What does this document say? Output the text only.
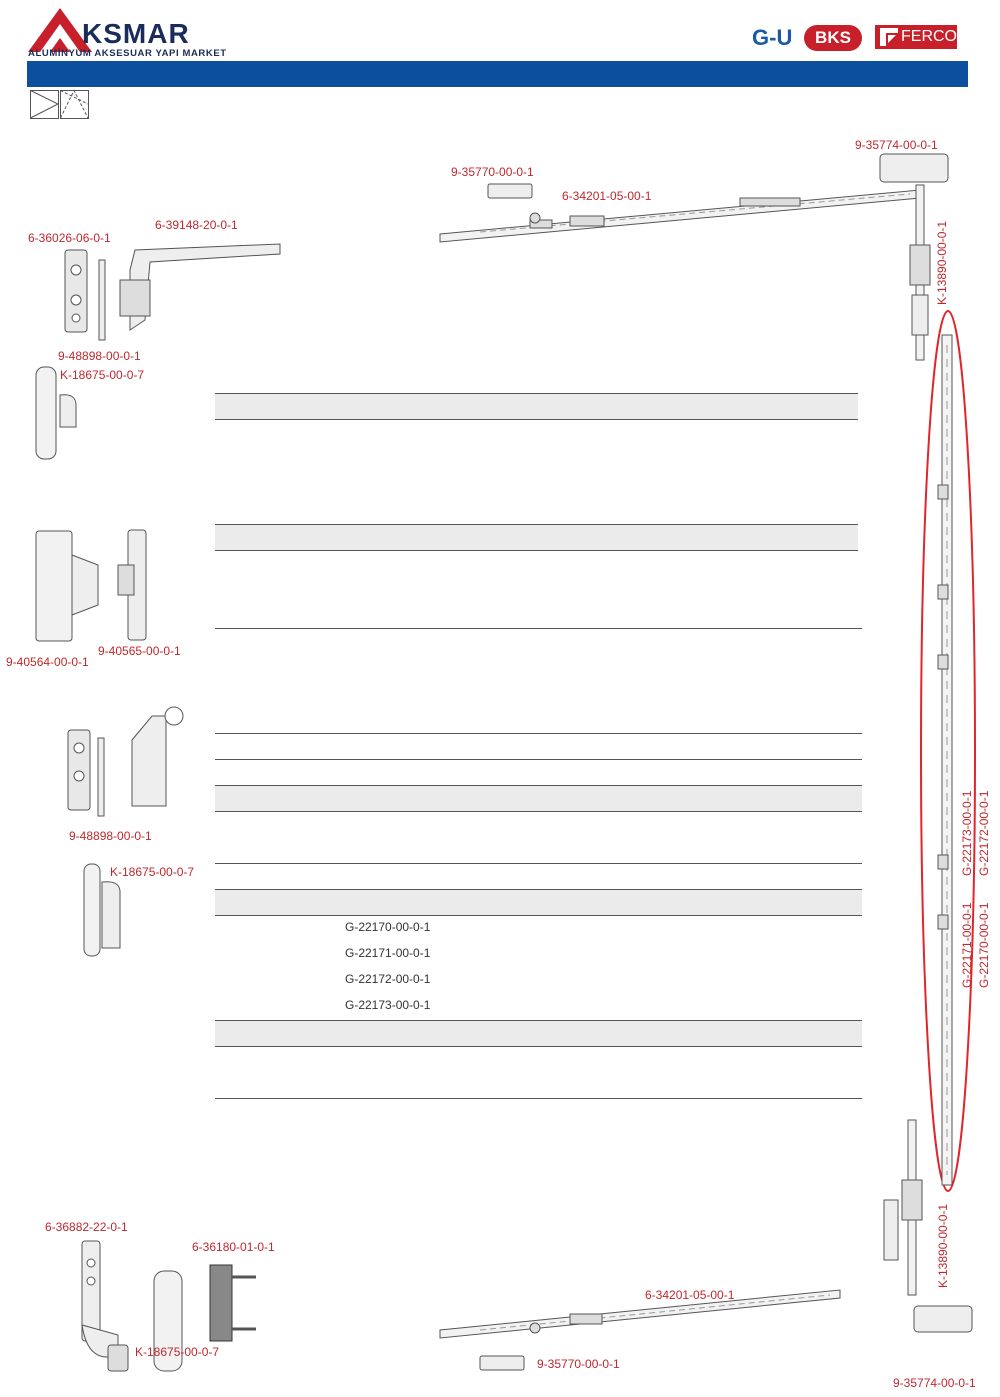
KSMAR
ALUMİNYUM AKSESUAR YAPI MARKET
G-U	BKS	FERCO
G-22170-00-0-1
G-22171-00-0-1
G-22172-00-0-1
G-22173-00-0-1
9-35774-00-0-1
9-35770-00-0-1
6-34201-05-00-1
6-39148-20-0-1
6-36026-06-0-1
9-48898-00-0-1
K-18675-00-0-7
9-40565-00-0-1
9-40564-00-0-1
9-48898-00-0-1
K-18675-00-0-7
6-36882-22-0-1
6-36180-01-0-1
K-18675-00-0-7
6-34201-05-00-1
9-35770-00-0-1
9-35774-00-0-1
K-13890-00-0-1
G-22173-00-0-1 G-22172-00-0-1
G-22171-00-0-1 G-22170-00-0-1
K-13890-00-0-1
